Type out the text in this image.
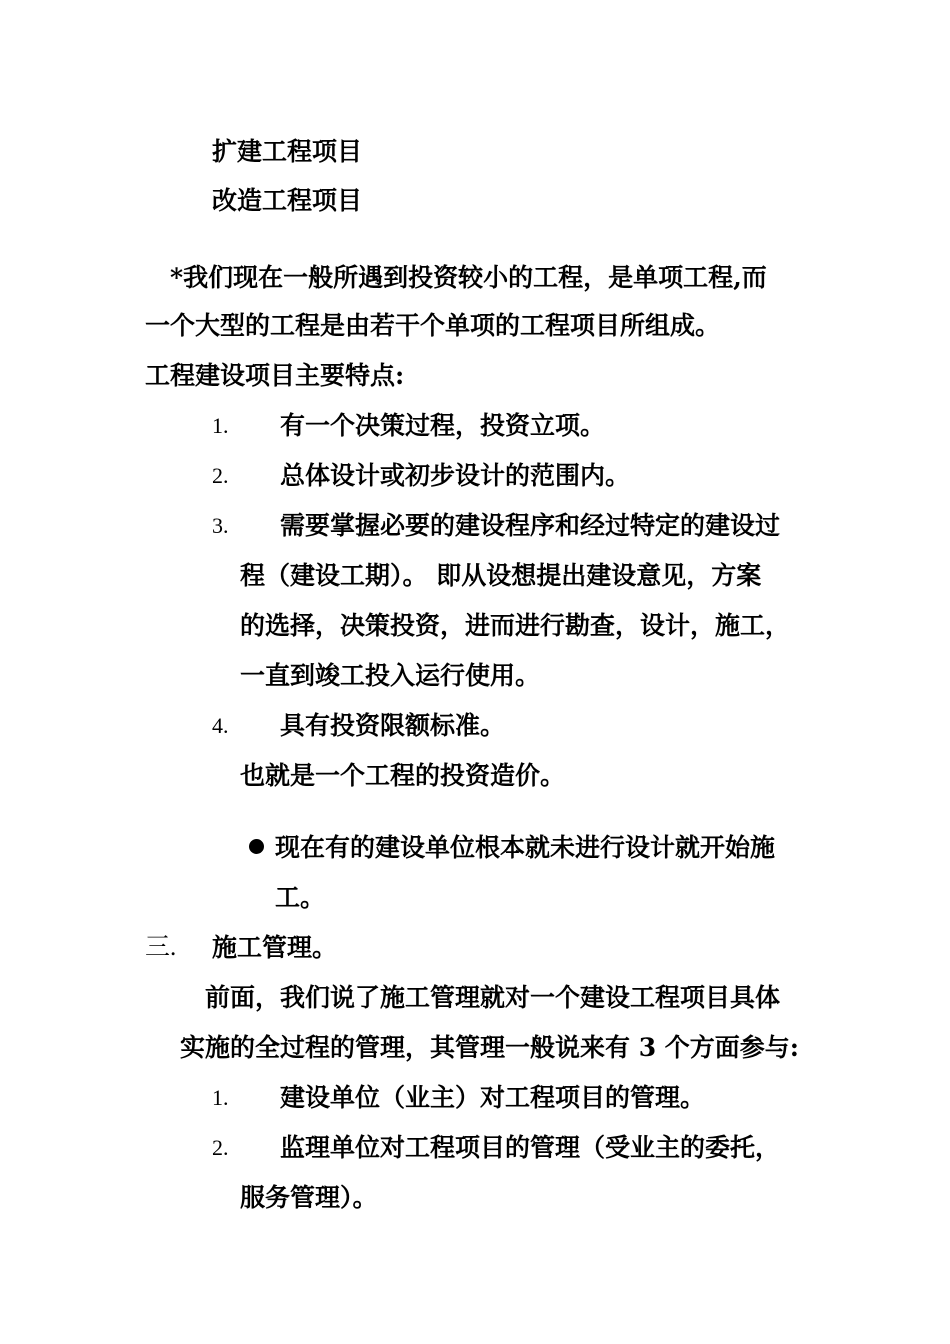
扩建工程项目
改造工程项目
*我们现在一般所遇到投资较小的工程，是单项工程,而
一个大型的工程是由若干个单项的工程项目所组成。
工程建设项目主要特点:
1. 有一个决策过程，投资立项。
2. 总体设计或初步设计的范围内。
3. 需要掌握必要的建设程序和经过特定的建设过
程（建设工期）。 即从设想提出建设意见，方案
的选择，决策投资，进而进行勘查，设计，施工，
一直到竣工投入运行使用。
4. 具有投资限额标准。
也就是一个工程的投资造价。
现在有的建设单位根本就未进行设计就开始施
工。
三. 施工管理。
前面，我们说了施工管理就对一个建设工程项目具体
实施的全过程的管理，其管理一般说来有 3 个方面参与:
1. 建设单位（业主）对工程项目的管理。
2. 监理单位对工程项目的管理（受业主的委托，
服务管理）。
